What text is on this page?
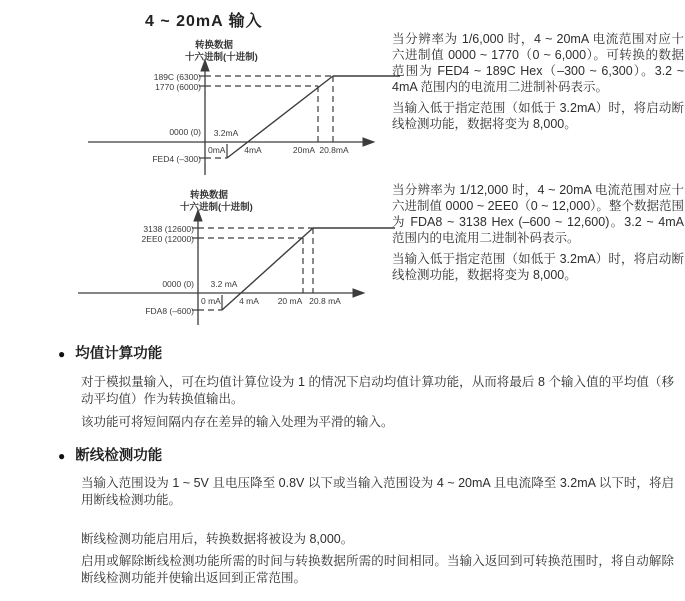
4 ~ 20mA 输入
转换数据
十六进制(十进制)
189C (6300)
1770 (6000)
0000 (0)
FED4 (–300)
0mA
3.2mA
4mA	20mA 20.8mA
转换数据
十六进制(十进制)
3138 (12600)
2EE0 (12000)
0000 (0)
FDA8 (–600)
0 mA
3.2 mA
4 mA 20 mA 20.8 mA

当分辨率为 1/6,000 时，4 ~ 20mA 电流范围对应十六进制值 0000 ~ 1770（0 ~ 6,000）。可转换的数据范围为 FED4 ~ 189C Hex（–300 ~ 6,300）。3.2 ~ 4mA 范围内的电流用二进制补码表示。

当输入低于指定范围（如低于 3.2mA）时，将启动断线检测功能，数据将变为 8,000。

当分辨率为 1/12,000 时，4 ~ 20mA 电流范围对应十六进制值 0000 ~ 2EE0（0 ~ 12,000）。整个数据范围为 FDA8 ~ 3138 Hex (–600 ~ 12,600)。3.2 ~ 4mA 范围内的电流用二进制补码表示。

当输入低于指定范围（如低于 3.2mA）时，将启动断线检测功能，数据将变为 8,000。

● 均值计算功能

对于模拟量输入，可在均值计算位设为 1 的情况下启动均值计算功能，从而将最后 8 个输入值的平均值（移动平均值）作为转换值输出。

该功能可将短间隔内存在差异的输入处理为平滑的输入。

● 断线检测功能

当输入范围设为 1 ~ 5V 且电压降至 0.8V 以下或当输入范围设为 4 ~ 20mA 且电流降至 3.2mA 以下时，将启用断线检测功能。

断线检测功能启用后，转换数据将被设为 8,000。

启用或解除断线检测功能所需的时间与转换数据所需的时间相同。当输入返回到可转换范围时，将自动解除断线检测功能并使输出返回到正常范围。
